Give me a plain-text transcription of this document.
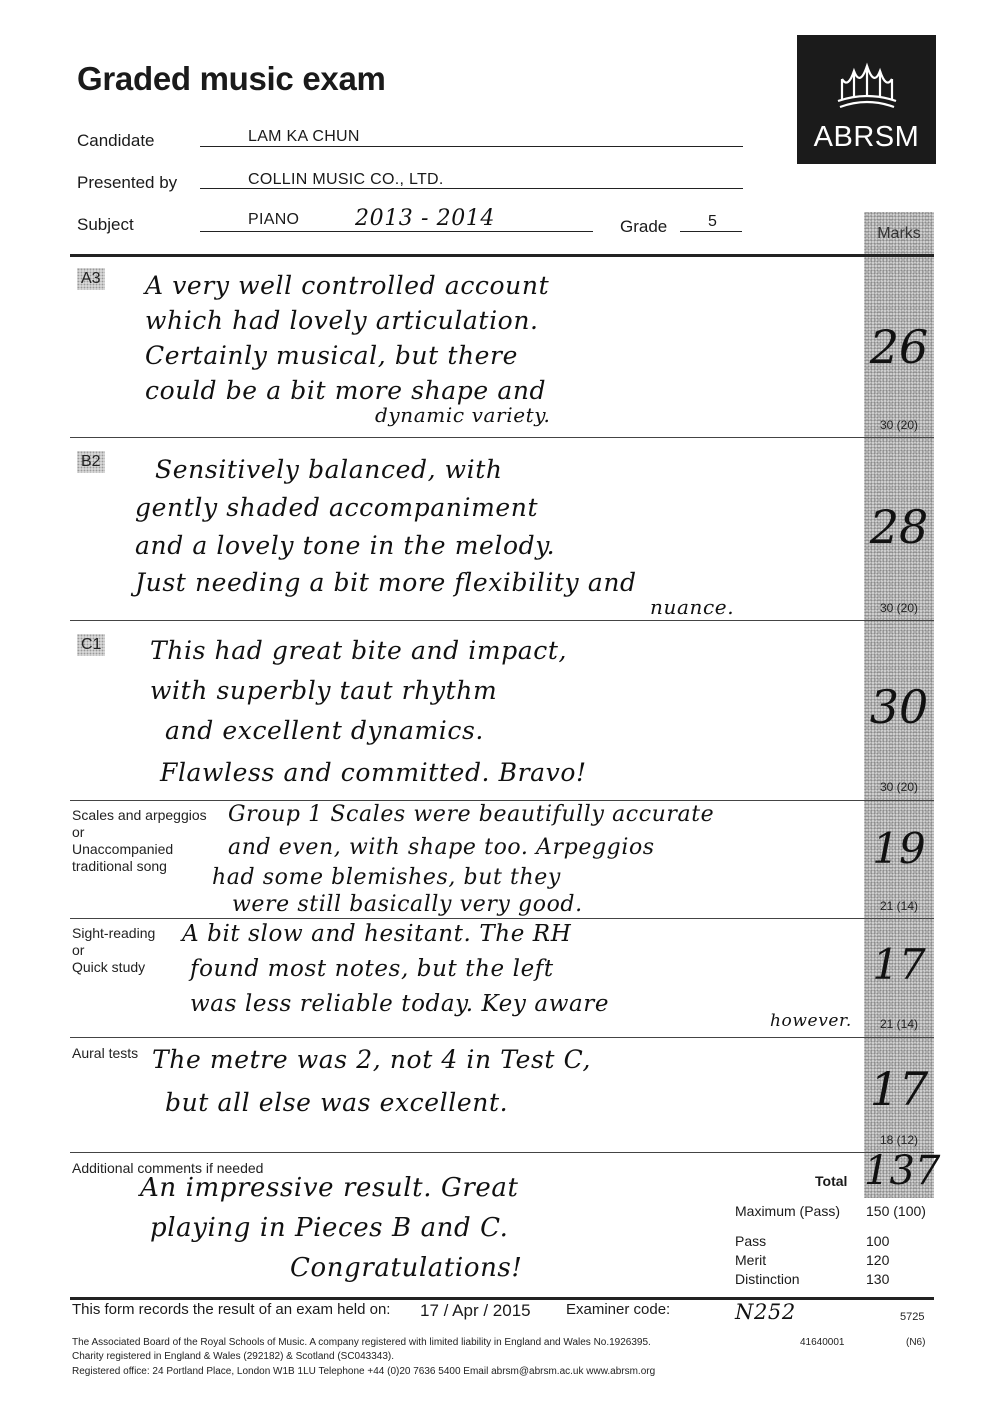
Graded music exam
Candidate	LAM KA CHUN
Presented by	COLLIN MUSIC CO., LTD.
Subject	PIANO	2013 - 2014	Grade	5
ABRSM
Marks
A3 A very well controlled account
which had lovely articulation.
Certainly musical, but there
could be a bit more shape and
dynamic variety.
26
30 (20)
B2 Sensitively balanced, with
gently shaded accompaniment
and a lovely tone in the melody.
Just needing a bit more flexibility and
nuance.
28
30 (20)
C1 This had great bite and impact,
with superbly taut rhythm
and excellent dynamics.
Flawless and committed. Bravo!
30
30 (20)
Scales and arpeggios
or
Unaccompanied
traditional song
Group 1 Scales were beautifully accurate
and even, with shape too. Arpeggios
had some blemishes, but they
were still basically very good.
19
21 (14)
Sight-reading
or
Quick study
A bit slow and hesitant. The RH
found most notes, but the left
was less reliable today. Key aware
however.
17
21 (14)
Aural tests The metre was 2, not 4 in Test C,
but all else was excellent.	17
18 (12)
Additional comments if needed
An impressive result. Great
playing in Pieces B and C.
Congratulations!
Total 137
Maximum (Pass) 150 (100)
Pass	100
Merit	120
Distinction	130
This form records the result of an exam held on: 17 / Apr / 2015 Examiner code:	N252	5725
The Associated Board of the Royal Schools of Music. A company registered with limited liability in England and Wales No.1926395.
Charity registered in England & Wales (292182) & Scotland (SC043343).
Registered office: 24 Portland Place, London W1B 1LU Telephone +44 (0)20 7636 5400 Email abrsm@abrsm.ac.uk www.abrsm.org
41640001	(N6)
